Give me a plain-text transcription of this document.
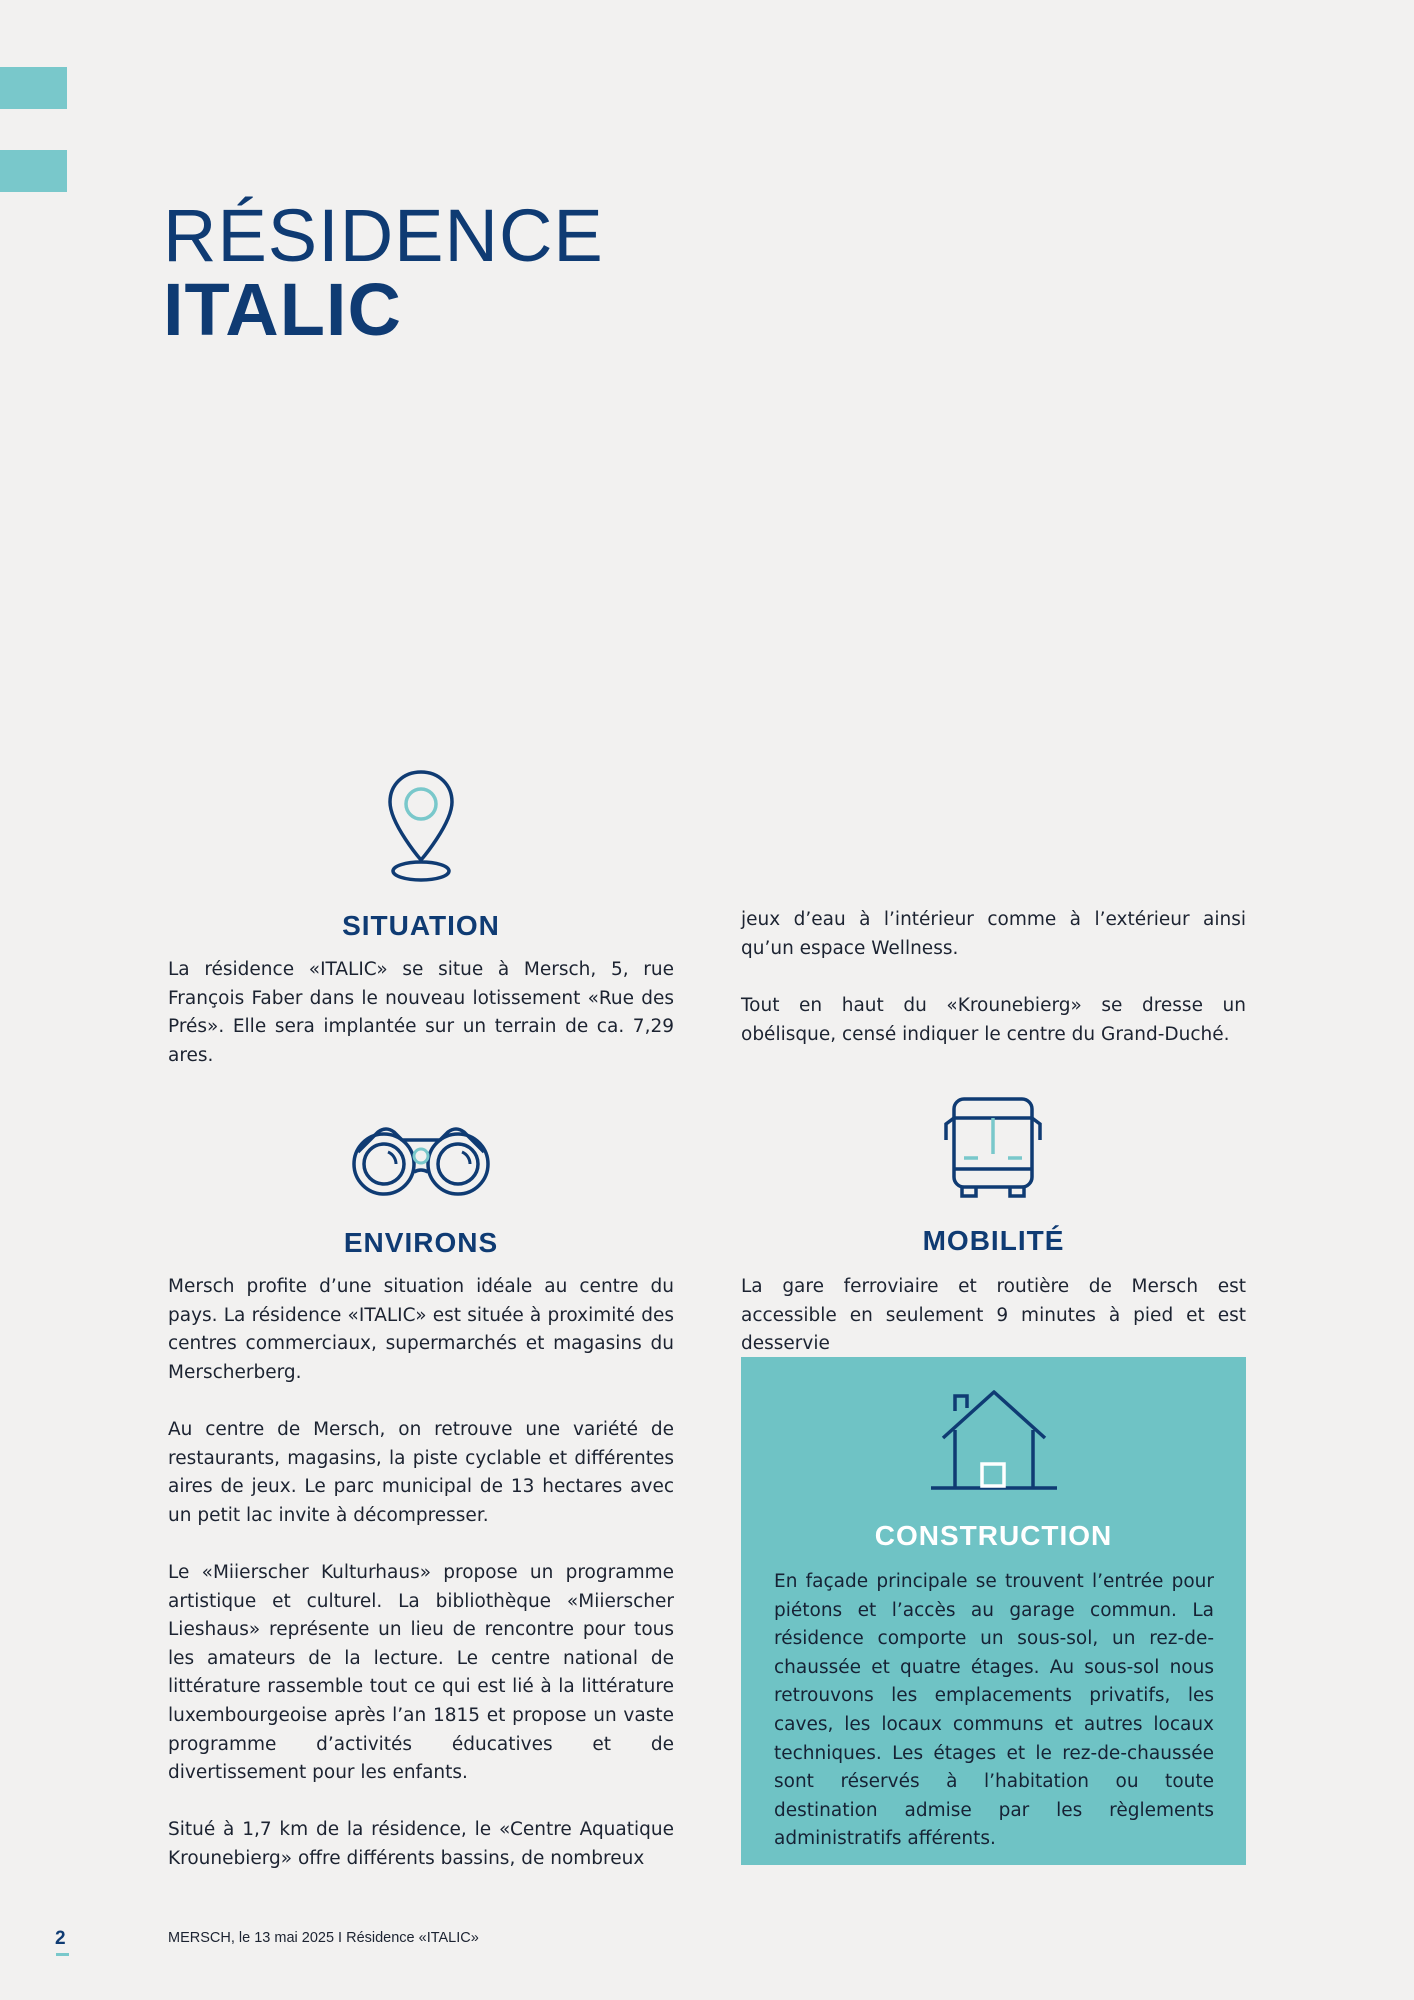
RÉSIDENCE
ITALIC
SITUATION

La résidence «ITALIC» se situe à Mersch, 5, rue François Faber dans le nouveau lotissement «Rue des Prés». Elle sera implantée sur un terrain de ca. 7,29 ares.

ENVIRONS

Mersch profite d’une situation idéale au centre du pays. La résidence «ITALIC» est située à proximité des centres commerciaux, supermarchés et magasins du Merscherberg.

Au centre de Mersch, on retrouve une variété de restaurants, magasins, la piste cyclable et différentes aires de jeux. Le parc municipal de 13 hectares avec un petit lac invite à décompresser.

Le «Miierscher Kulturhaus» propose un programme artistique et culturel. La bibliothèque «Miierscher Lieshaus» représente un lieu de rencontre pour tous les amateurs de la lecture. Le centre national de littérature rassemble tout ce qui est lié à la littérature luxembourgeoise après l’an 1815 et propose un vaste programme d’activités éducatives et de divertissement pour les enfants.

Situé à 1,7 km de la résidence, le «Centre Aquatique Krounebierg» offre différents bassins, de nombreux

jeux d’eau à l’intérieur comme à l’extérieur ainsi qu’un espace Wellness.

Tout en haut du «Krounebierg» se dresse un obélisque, censé indiquer le centre du Grand-Duché.

MOBILITÉ

La gare ferroviaire et routière de Mersch est accessible en seulement 9 minutes à pied et est desservie

CONSTRUCTION

En façade principale se trouvent l’entrée pour piétons et l’accès au garage commun. La résidence comporte un sous-sol, un rez-de-chaussée et quatre étages. Au sous-sol nous retrouvons les emplacements privatifs, les caves, les locaux communs et autres locaux techniques. Les étages et le rez-de-chaussée sont réservés à l’habitation ou toute destination admise par les règlements administratifs afférents.

2	MERSCH, le 13 mai 2025 I Résidence «ITALIC»
